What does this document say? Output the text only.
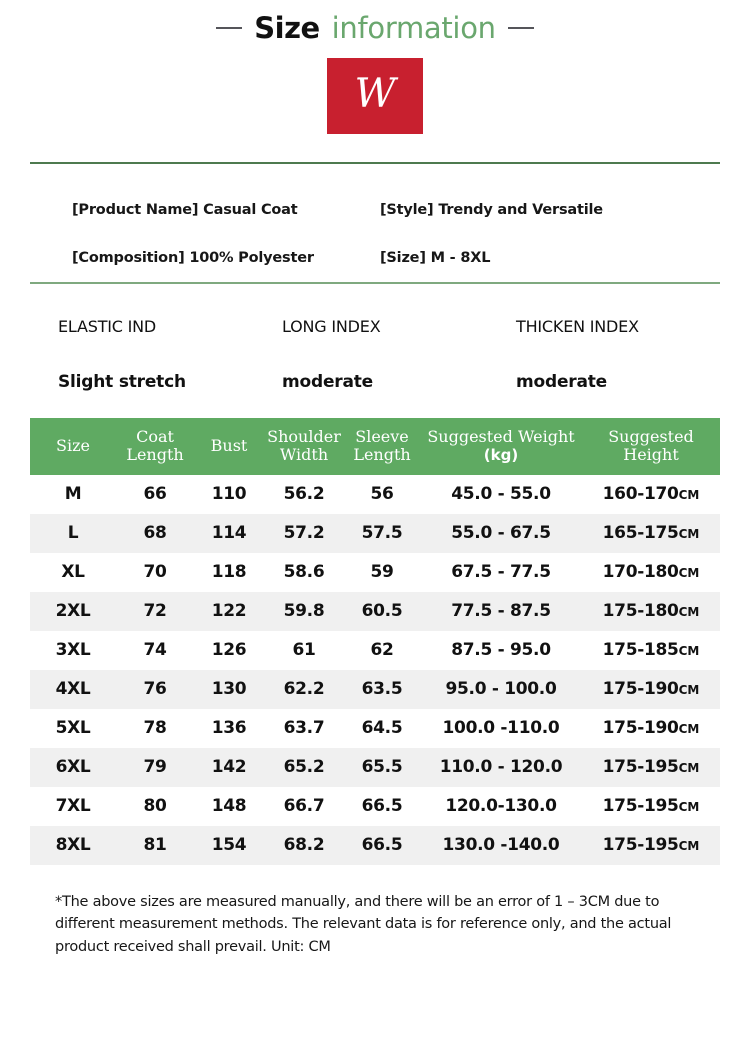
Size information
W
[Product Name] Casual Coat	[Style] Trendy and Versatile
[Composition] 100% Polyester	[Size] M - 8XL
ELASTIC IND	LONG INDEX	THICKEN INDEX
Slight stretch	moderate	moderate
Size	Coat Length	Bust	Shoulder Width	Sleeve Length	Suggested Weight (kg)	Suggested Height
M	66	110	56.2	56	45.0 - 55.0	160-170CM
L	68	114	57.2	57.5	55.0 - 67.5	165-175CM
XL	70	118	58.6	59	67.5 - 77.5	170-180CM
2XL	72	122	59.8	60.5	77.5 - 87.5	175-180CM
3XL	74	126	61	62	87.5 - 95.0	175-185CM
4XL	76	130	62.2	63.5	95.0 - 100.0	175-190CM
5XL	78	136	63.7	64.5	100.0 -110.0	175-190CM
6XL	79	142	65.2	65.5	110.0 - 120.0	175-195CM
7XL	80	148	66.7	66.5	120.0-130.0	175-195CM
8XL	81	154	68.2	66.5	130.0 -140.0	175-195CM
*The above sizes are measured manually, and there will be an error of 1 – 3CM due to different measurement methods. The relevant data is for reference only, and the actual product received shall prevail. Unit: CM
